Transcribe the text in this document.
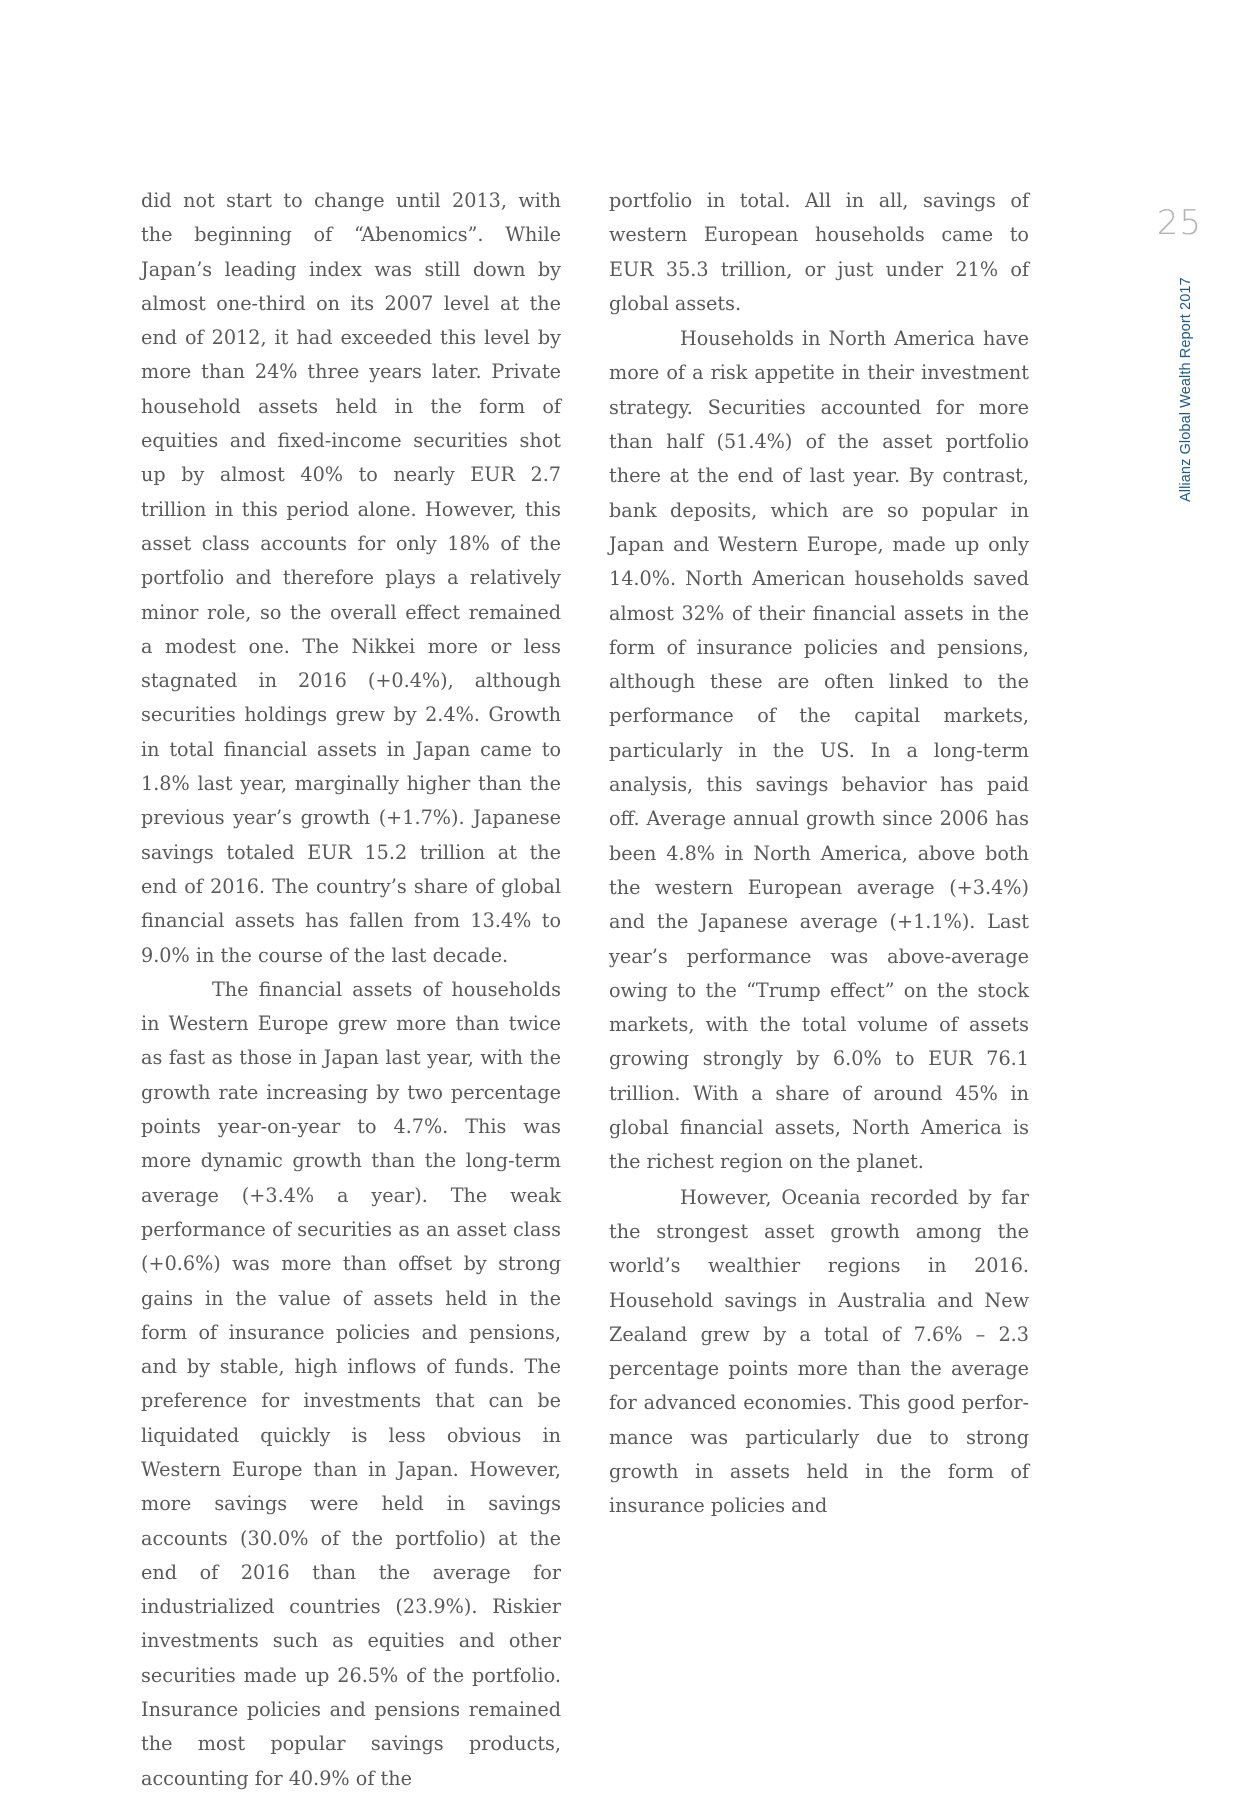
25
Allianz Global Wealth Report 2017

did not start to change until 2013, with the beginning of “Abenomics”. While Japan’s leading index was still down by almost one-third on its 2007 level at the end of 2012, it had exceeded this level by more than 24% three years later. Private household assets held in the form of equities and fixed-income securities shot up by almost 40% to nearly EUR 2.7 trillion in this period alone. However, this asset class accounts for only 18% of the portfolio and therefore plays a relatively minor role, so the overall effect remained a modest one. The Nikkei more or less stagnated in 2016 (+0.4%), although securities holdings grew by 2.4%. Growth in total financial assets in Japan came to 1.8% last year, marginally higher than the previous year’s growth (+1.7%). Japanese savings totaled EUR 15.2 trillion at the end of 2016. The country’s share of global financial assets has fallen from 13.4% to 9.0% in the course of the last decade.

The financial assets of households in Western Europe grew more than twice as fast as those in Japan last year, with the growth rate increasing by two percentage points year-on-year to 4.7%. This was more dynamic growth than the long-term average (+3.4% a year). The weak performance of securities as an asset class (+0.6%) was more than offset by strong gains in the value of assets held in the form of insurance policies and pensions, and by stable, high inflows of funds. The preference for investments that can be liquidated quickly is less obvious in Western Europe than in Japan. However, more savings were held in savings accounts (30.0% of the portfolio) at the end of 2016 than the average for industrialized countries (23.9%). Riskier investments such as equities and other securities made up 26.5% of the portfolio. Insurance policies and pensions remained the most popular savings products, accounting for 40.9% of the

portfolio in total. All in all, savings of western European households came to EUR 35.3 trillion, or just under 21% of global assets.

Households in North America have more of a risk appetite in their investment strategy. Securities accounted for more than half (51.4%) of the asset portfolio there at the end of last year. By contrast, bank deposits, which are so popular in Japan and Western Europe, made up only 14.0%. North American households saved almost 32% of their financial assets in the form of insurance policies and pensions, although these are often linked to the performance of the capital markets, particularly in the US. In a long-term analysis, this savings behavior has paid off. Average annual growth since 2006 has been 4.8% in North America, above both the western European average (+3.4%) and the Japanese average (+1.1%). Last year’s performance was above-average owing to the “Trump effect” on the stock markets, with the total volume of assets growing strongly by 6.0% to EUR 76.1 trillion. With a share of around 45% in global financial assets, North America is the richest region on the planet.

However, Oceania recorded by far the strongest asset growth among the world’s wealthier regions in 2016. Household savings in Australia and New Zealand grew by a total of 7.6% – 2.3 percentage points more than the average for advanced economies. This good performance was particularly due to strong growth in assets held in the form of insurance policies and
